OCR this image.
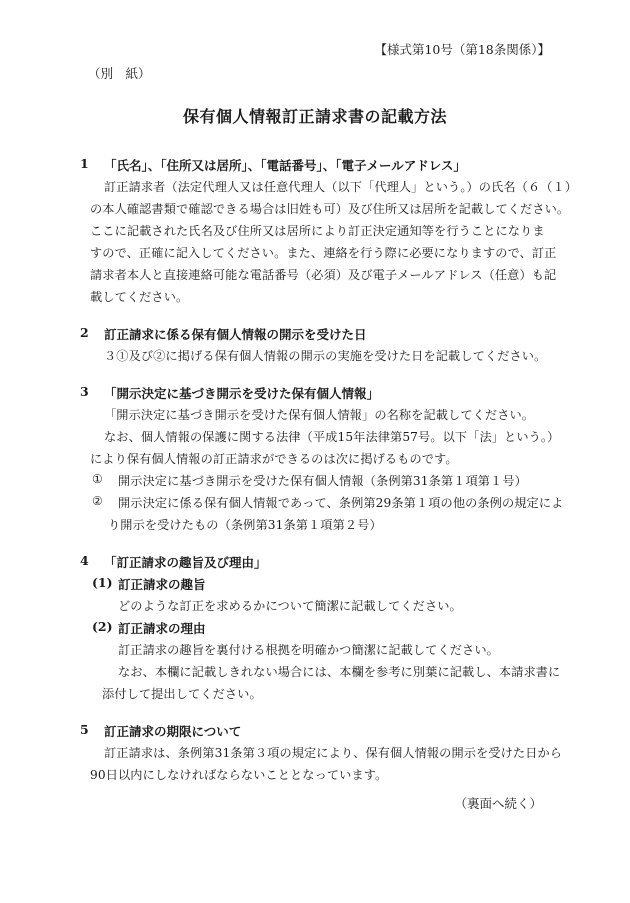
【様式第10号（第18条関係）】
（別　紙）
保有個人情報訂正請求書の記載方法
1 「氏名」、「住所又は居所」、「電話番号」、「電子メールアドレス」
訂正請求者（法定代理人又は任意代理人（以下「代理人」という。）の氏名（６（１）
の本人確認書類で確認できる場合は旧姓も可）及び住所又は居所を記載してください。
ここに記載された氏名及び住所又は居所により訂正決定通知等を行うことになりま
すので、正確に記入してください。また、連絡を行う際に必要になりますので、訂正
請求者本人と直接連絡可能な電話番号（必須）及び電子メールアドレス（任意）も記
載してください。
2 訂正請求に係る保有個人情報の開示を受けた日
３①及び②に掲げる保有個人情報の開示の実施を受けた日を記載してください。
3 「開示決定に基づき開示を受けた保有個人情報」
「開示決定に基づき開示を受けた保有個人情報」の名称を記載してください。
なお、個人情報の保護に関する法律（平成15年法律第57号。以下「法」という。）
により保有個人情報の訂正請求ができるのは次に掲げるものです。
① 開示決定に基づき開示を受けた保有個人情報（条例第31条第１項第１号）
② 開示決定に係る保有個人情報であって、条例第29条第１項の他の条例の規定によ
り開示を受けたもの（条例第31条第１項第２号）
4 「訂正請求の趣旨及び理由」
(1) 訂正請求の趣旨
どのような訂正を求めるかについて簡潔に記載してください。
(2) 訂正請求の理由
訂正請求の趣旨を裏付ける根拠を明確かつ簡潔に記載してください。
なお、本欄に記載しきれない場合には、本欄を参考に別葉に記載し、本請求書に
添付して提出してください。
5 訂正請求の期限について
訂正請求は、条例第31条第３項の規定により、保有個人情報の開示を受けた日から
90日以内にしなければならないこととなっています。
（裏面へ続く）
